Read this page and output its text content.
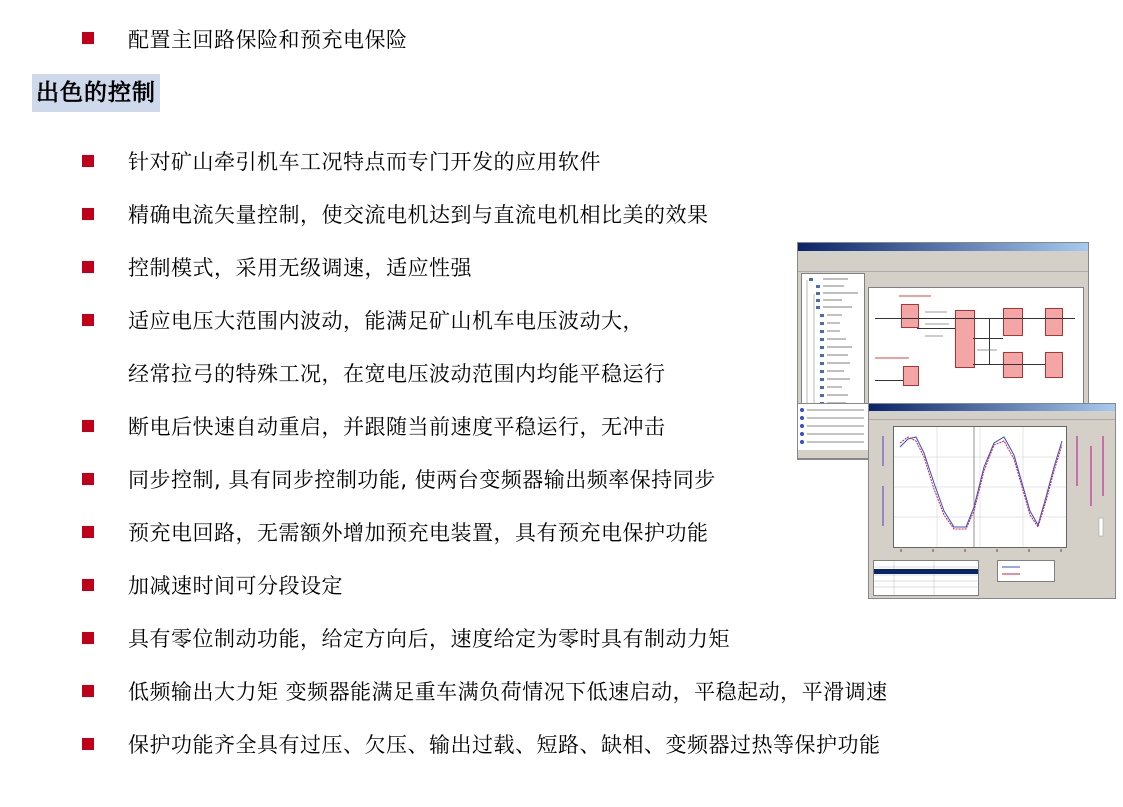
配置主回路保险和预充电保险
出色的控制
针对矿山牵引机车工况特点而专门开发的应用软件
精确电流矢量控制，使交流电机达到与直流电机相比美的效果
控制模式，采用无级调速，适应性强
适应电压大范围内波动，能满足矿山机车电压波动大，
经常拉弓的特殊工况，在宽电压波动范围内均能平稳运行
断电后快速自动重启，并跟随当前速度平稳运行，无冲击
同步控制, 具有同步控制功能, 使两台变频器输出频率保持同步
预充电回路，无需额外增加预充电装置，具有预充电保护功能
加减速时间可分段设定
具有零位制动功能，给定方向后，速度给定为零时具有制动力矩
低频输出大力矩 变频器能满足重车满负荷情况下低速启动，平稳起动，平滑调速
保护功能齐全具有过压、欠压、输出过载、短路、缺相、变频器过热等保护功能
